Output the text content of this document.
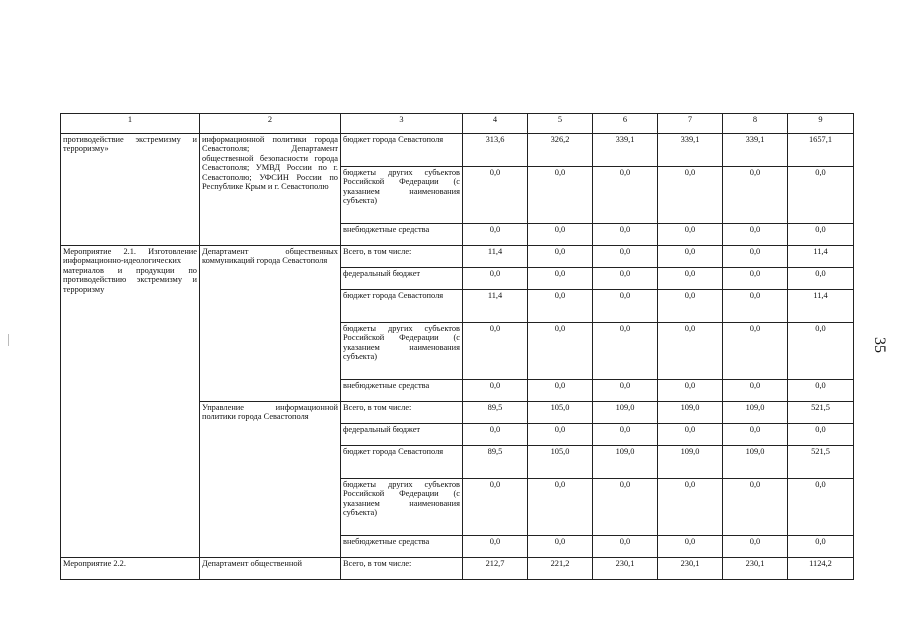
1	2	3	4	5	6	7	8	9
противодействие экстремизму и терроризму»	информационной политики города Севастополя; Департамент общественной безопасности города Севастополя; УМВД России по г. Севастополю; УФСИН России по Республике Крым и г. Севастополю	бюджет города Севастополя	313,6	326,2	339,1	339,1	339,1	1657,1
		бюджеты других субъектов Российской Федерации (с указанием наименования субъекта)	0,0	0,0	0,0	0,0	0,0	0,0
		внебюджетные средства	0,0	0,0	0,0	0,0	0,0	0,0
Мероприятие 2.1. Изготовление информационно-идеологических материалов и продукции по противодействию экстремизму и терроризму	Департамент общественных коммуникаций города Севастополя	Всего, в том числе:	11,4	0,0	0,0	0,0	0,0	11,4
		федеральный бюджет	0,0	0,0	0,0	0,0	0,0	0,0
		бюджет города Севастополя	11,4	0,0	0,0	0,0	0,0	11,4
		бюджеты других субъектов Российской Федерации (с указанием наименования субъекта)	0,0	0,0	0,0	0,0	0,0	0,0
		внебюджетные средства	0,0	0,0	0,0	0,0	0,0	0,0
	Управление информационной политики города Севастополя	Всего, в том числе:	89,5	105,0	109,0	109,0	109,0	521,5
		федеральный бюджет	0,0	0,0	0,0	0,0	0,0	0,0
		бюджет города Севастополя	89,5	105,0	109,0	109,0	109,0	521,5
		бюджеты других субъектов Российской Федерации (с указанием наименования субъекта)	0,0	0,0	0,0	0,0	0,0	0,0
		внебюджетные средства	0,0	0,0	0,0	0,0	0,0	0,0
Мероприятие 2.2.	Департамент общественной	Всего, в том числе:	212,7	221,2	230,1	230,1	230,1	1124,2
35
